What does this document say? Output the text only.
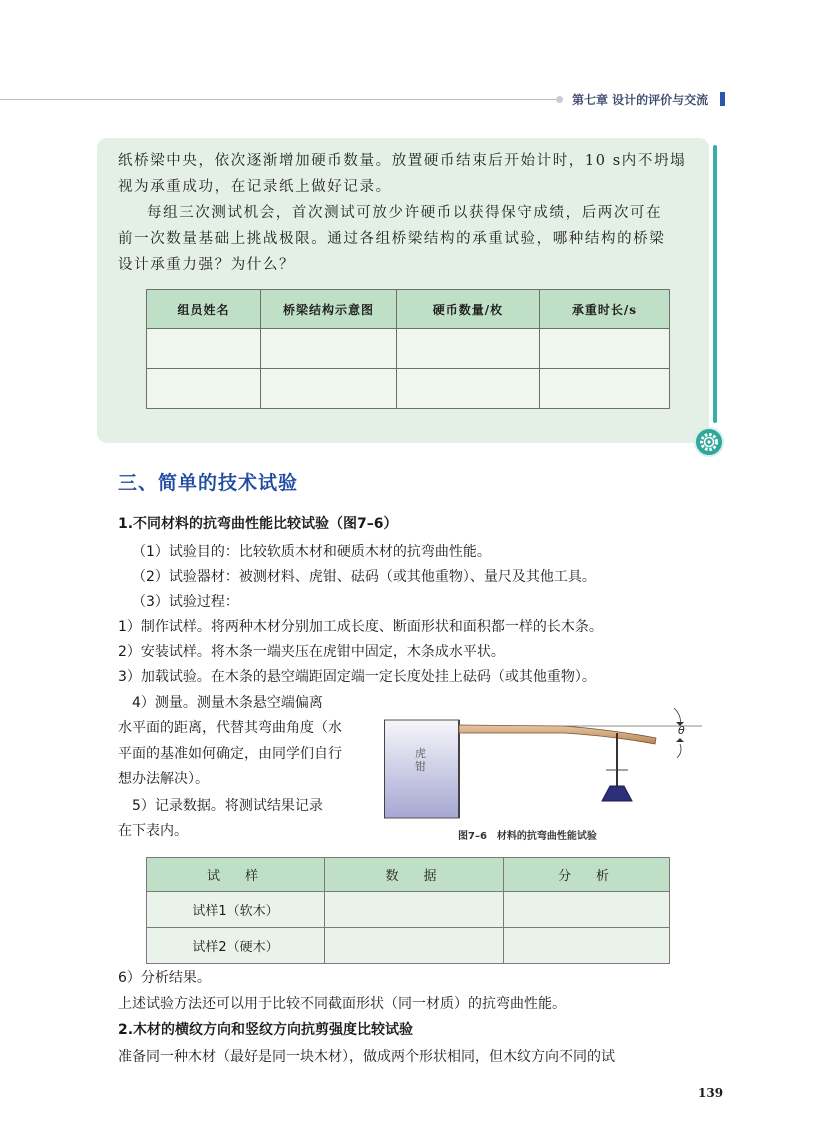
第七章 设计的评价与交流

纸桥梁中央，依次逐渐增加硬币数量。放置硬币结束后开始计时，10 s内不坍塌

视为承重成功，在记录纸上做好记录。

每组三次测试机会，首次测试可放少许硬币以获得保守成绩，后两次可在

前一次数量基础上挑战极限。通过各组桥梁结构的承重试验，哪种结构的桥梁

设计承重力强？为什么？

组员姓名	桥梁结构示意图	硬币数量/枚	承重时长/s

三、简单的技术试验
1.不同材料的抗弯曲性能比较试验（图7–6）
（1）试验目的：比较软质木材和硬质木材的抗弯曲性能。
（2）试验器材：被测材料、虎钳、砝码（或其他重物）、量尺及其他工具。
（3）试验过程：
1）制作试样。将两种木材分别加工成长度、断面形状和面积都一样的长木条。
2）安装试样。将木条一端夹压在虎钳中固定，木条成水平状。
3）加载试验。在木条的悬空端距固定端一定长度处挂上砝码（或其他重物）。
4）测量。测量木条悬空端偏离
水平面的距离，代替其弯曲角度（水
平面的基准如何确定，由同学们自行
想办法解决）。
5）记录数据。将测试结果记录
在下表内。
虎钳
θ
图7–6　材料的抗弯曲性能试验
试　样	数　据	分　析
试样1（软木）		
试样2（硬木）		
6）分析结果。
上述试验方法还可以用于比较不同截面形状（同一材质）的抗弯曲性能。
2.木材的横纹方向和竖纹方向抗剪强度比较试验
准备同一种木材（最好是同一块木材），做成两个形状相同，但木纹方向不同的试
139
